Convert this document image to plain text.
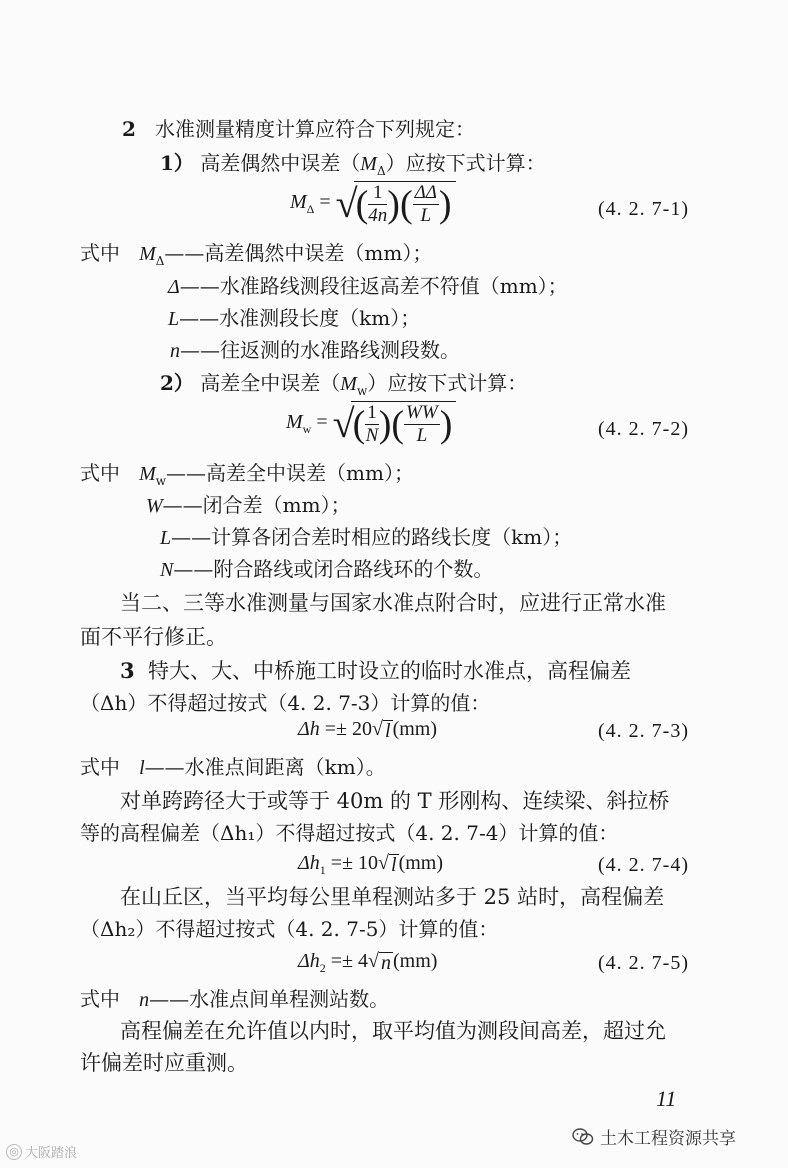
2 水准测量精度计算应符合下列规定：
1） 高差偶然中误差$(M_\Delta)$应按下式计算：
$M_\Delta$ = √( $\frac{1}{4n}$ )( $\frac{\Delta\Delta}{L}$ )	(4. 2. 7-1)
式中 $M_\Delta——$高差偶然中误差（mm）；
Δ——水准路线测段往返高差不符值（mm）；
L——水准测段长度（km）；
n——往返测的水准路线测段数。
2） 高差全中误差$(M_w)$应按下式计算：
$M_w$ = √( $\frac{1}{N}$ )( $\frac{WW}{L}$ )	(4. 2. 7-2)
式中 $M_w——$高差全中误差（mm）；
W——闭合差（mm）；
L——计算各闭合差时相应的路线长度（km）；
N——附合路线或闭合路线环的个数。
当二、三等水准测量与国家水准点附合时，应进行正常水准
面不平行修正。
3 特大、大、中桥施工时设立的临时水准点，高程偏差
（Δh）不得超过按式（4. 2. 7-3）计算的值：
Δh =± 20√ l (mm)	(4. 2. 7-3)
式中 l——水准点间距离（km）。
对单跨跨径大于或等于 40m 的 T 形刚构、连续梁、斜拉桥
等的高程偏差（Δh₁）不得超过按式（4. 2. 7-4）计算的值：
$\Delta h_1 =\pm 10√$ l (mm)	(4. 2. 7-4)
在山丘区，当平均每公里单程测站多于 25 站时，高程偏差
（Δh₂）不得超过按式（4. 2. 7-5）计算的值：
$\Delta h_2 =\pm 4√$ n (mm)	(4. 2. 7-5)
式中 n——水准点间单程测站数。
高程偏差在允许值以内时，取平均值为测段间高差，超过允
许偏差时应重测。
11
土木工程资源共享
◎ 大阪踏浪
